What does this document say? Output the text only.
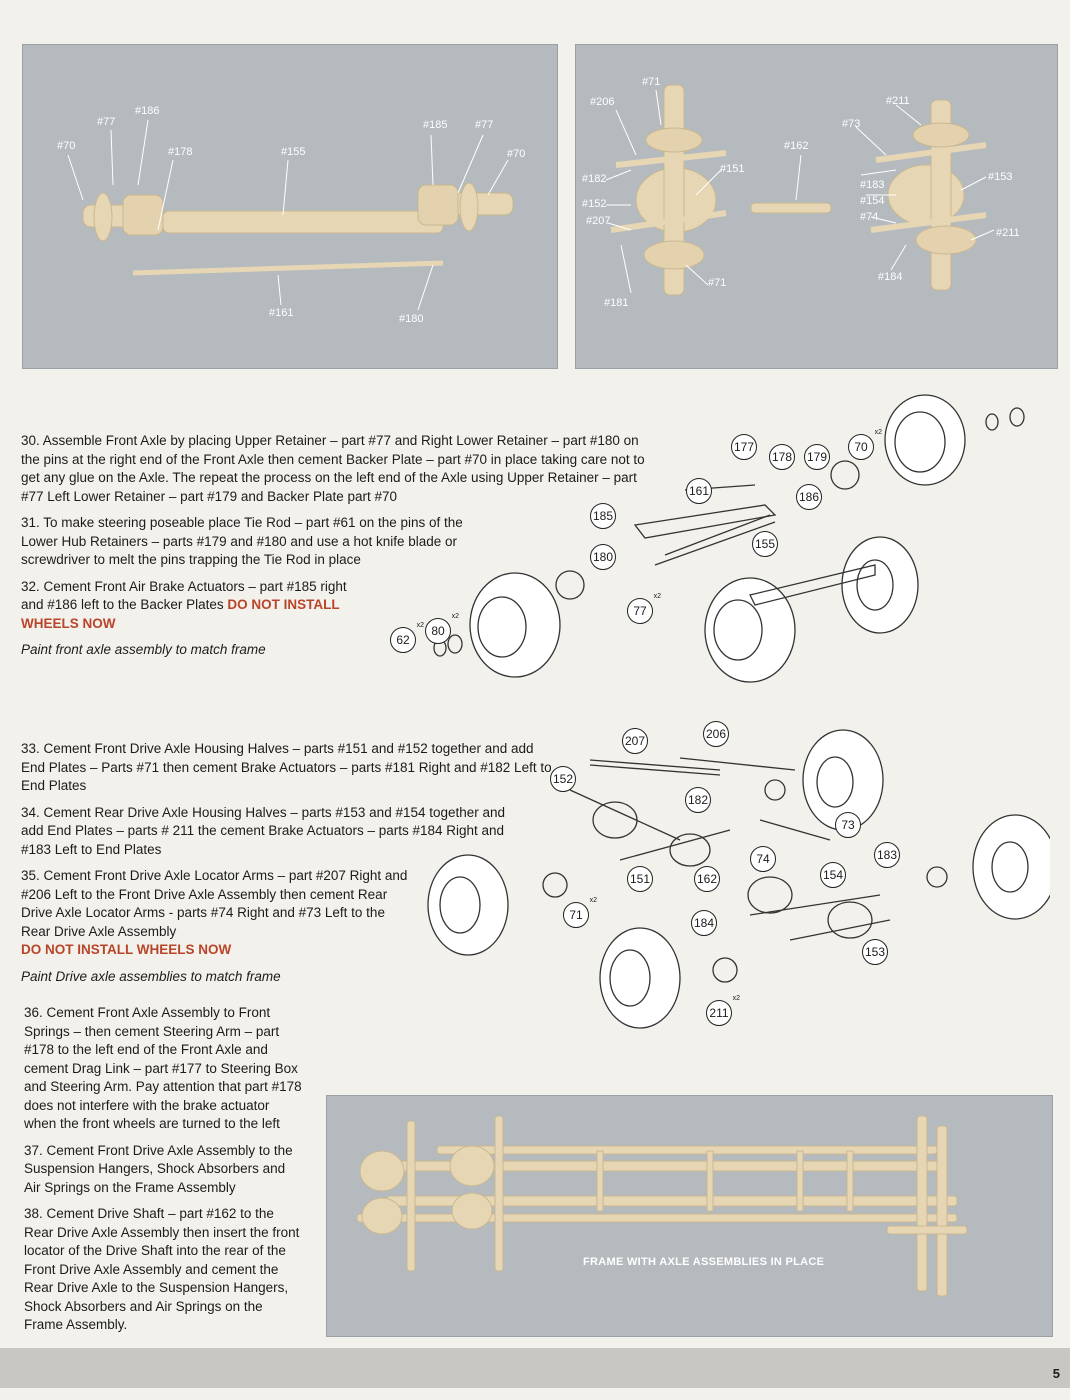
#70
#77
#186
#178	#155
#185	#77
#70
#161	#180
#71
#206
#182
#152
#207
#151
#181
#71
#162
#211
#73
#183
#154
#74
#153
#211
#184

30. Assemble Front Axle by placing Upper Retainer – part #77 and Right Lower Retainer – part #180 on the pins at the right end of the Front Axle then cement Backer Plate – part #70 in place taking care not to get any glue on the Axle. The repeat the process on the left end of the Axle using Upper Retainer – part #77 Left Lower Retainer – part #179 and Backer Plate part #70

31. To make steering poseable place Tie Rod – part #61 on the pins of the Lower Hub Retainers – parts #179 and #180 and use a hot knife blade or screwdriver to melt the pins trapping the Tie Rod in place

32. Cement Front Air Brake Actuators – part #185 right and #186 left to the Backer Plates DO NOT INSTALL WHEELS NOW

Paint front axle assembly to match frame

177
178 179
70
x2
161
185
186
155
180
77
x2
62
x2 80
x2

33. Cement Front Drive Axle Housing Halves – parts #151 and #152 together and add End Plates – Parts #71 then cement Brake Actuators – parts #181 Right and #182 Left to End Plates

34. Cement Rear Drive Axle Housing Halves – parts #153 and #154 together and add End Plates – parts # 211 the cement Brake Actuators – parts #184 Right and #183 Left to End Plates

35. Cement Front Drive Axle Locator Arms – part #207 Right and #206 Left to the Front Drive Axle Assembly then cement Rear Drive Axle Locator Arms - parts #74 Right and #73 Left to the Rear Drive Axle Assembly
DO NOT INSTALL WHEELS NOW

Paint Drive axle assemblies to match frame

207	206
152
182
73
74	183
151	162	154
71
x2
184
153
211
x2

36. Cement Front Axle Assembly to Front Springs – then cement Steering Arm – part #178 to the left end of the Front Axle and cement Drag Link – part #177 to Steering Box and Steering Arm. Pay attention that part #178 does not interfere with the brake actuator when the front wheels are turned to the left

37. Cement Front Drive Axle Assembly to the Suspension Hangers, Shock Absorbers and Air Springs on the Frame Assembly

38. Cement Drive Shaft – part #162 to the Rear Drive Axle Assembly then insert the front locator of the Drive Shaft into the rear of the Front Drive Axle Assembly and cement the Rear Drive Axle to the Suspension Hangers, Shock Absorbers and Air Springs on the Frame Assembly.

FRAME WITH AXLE ASSEMBLIES IN PLACE
5
